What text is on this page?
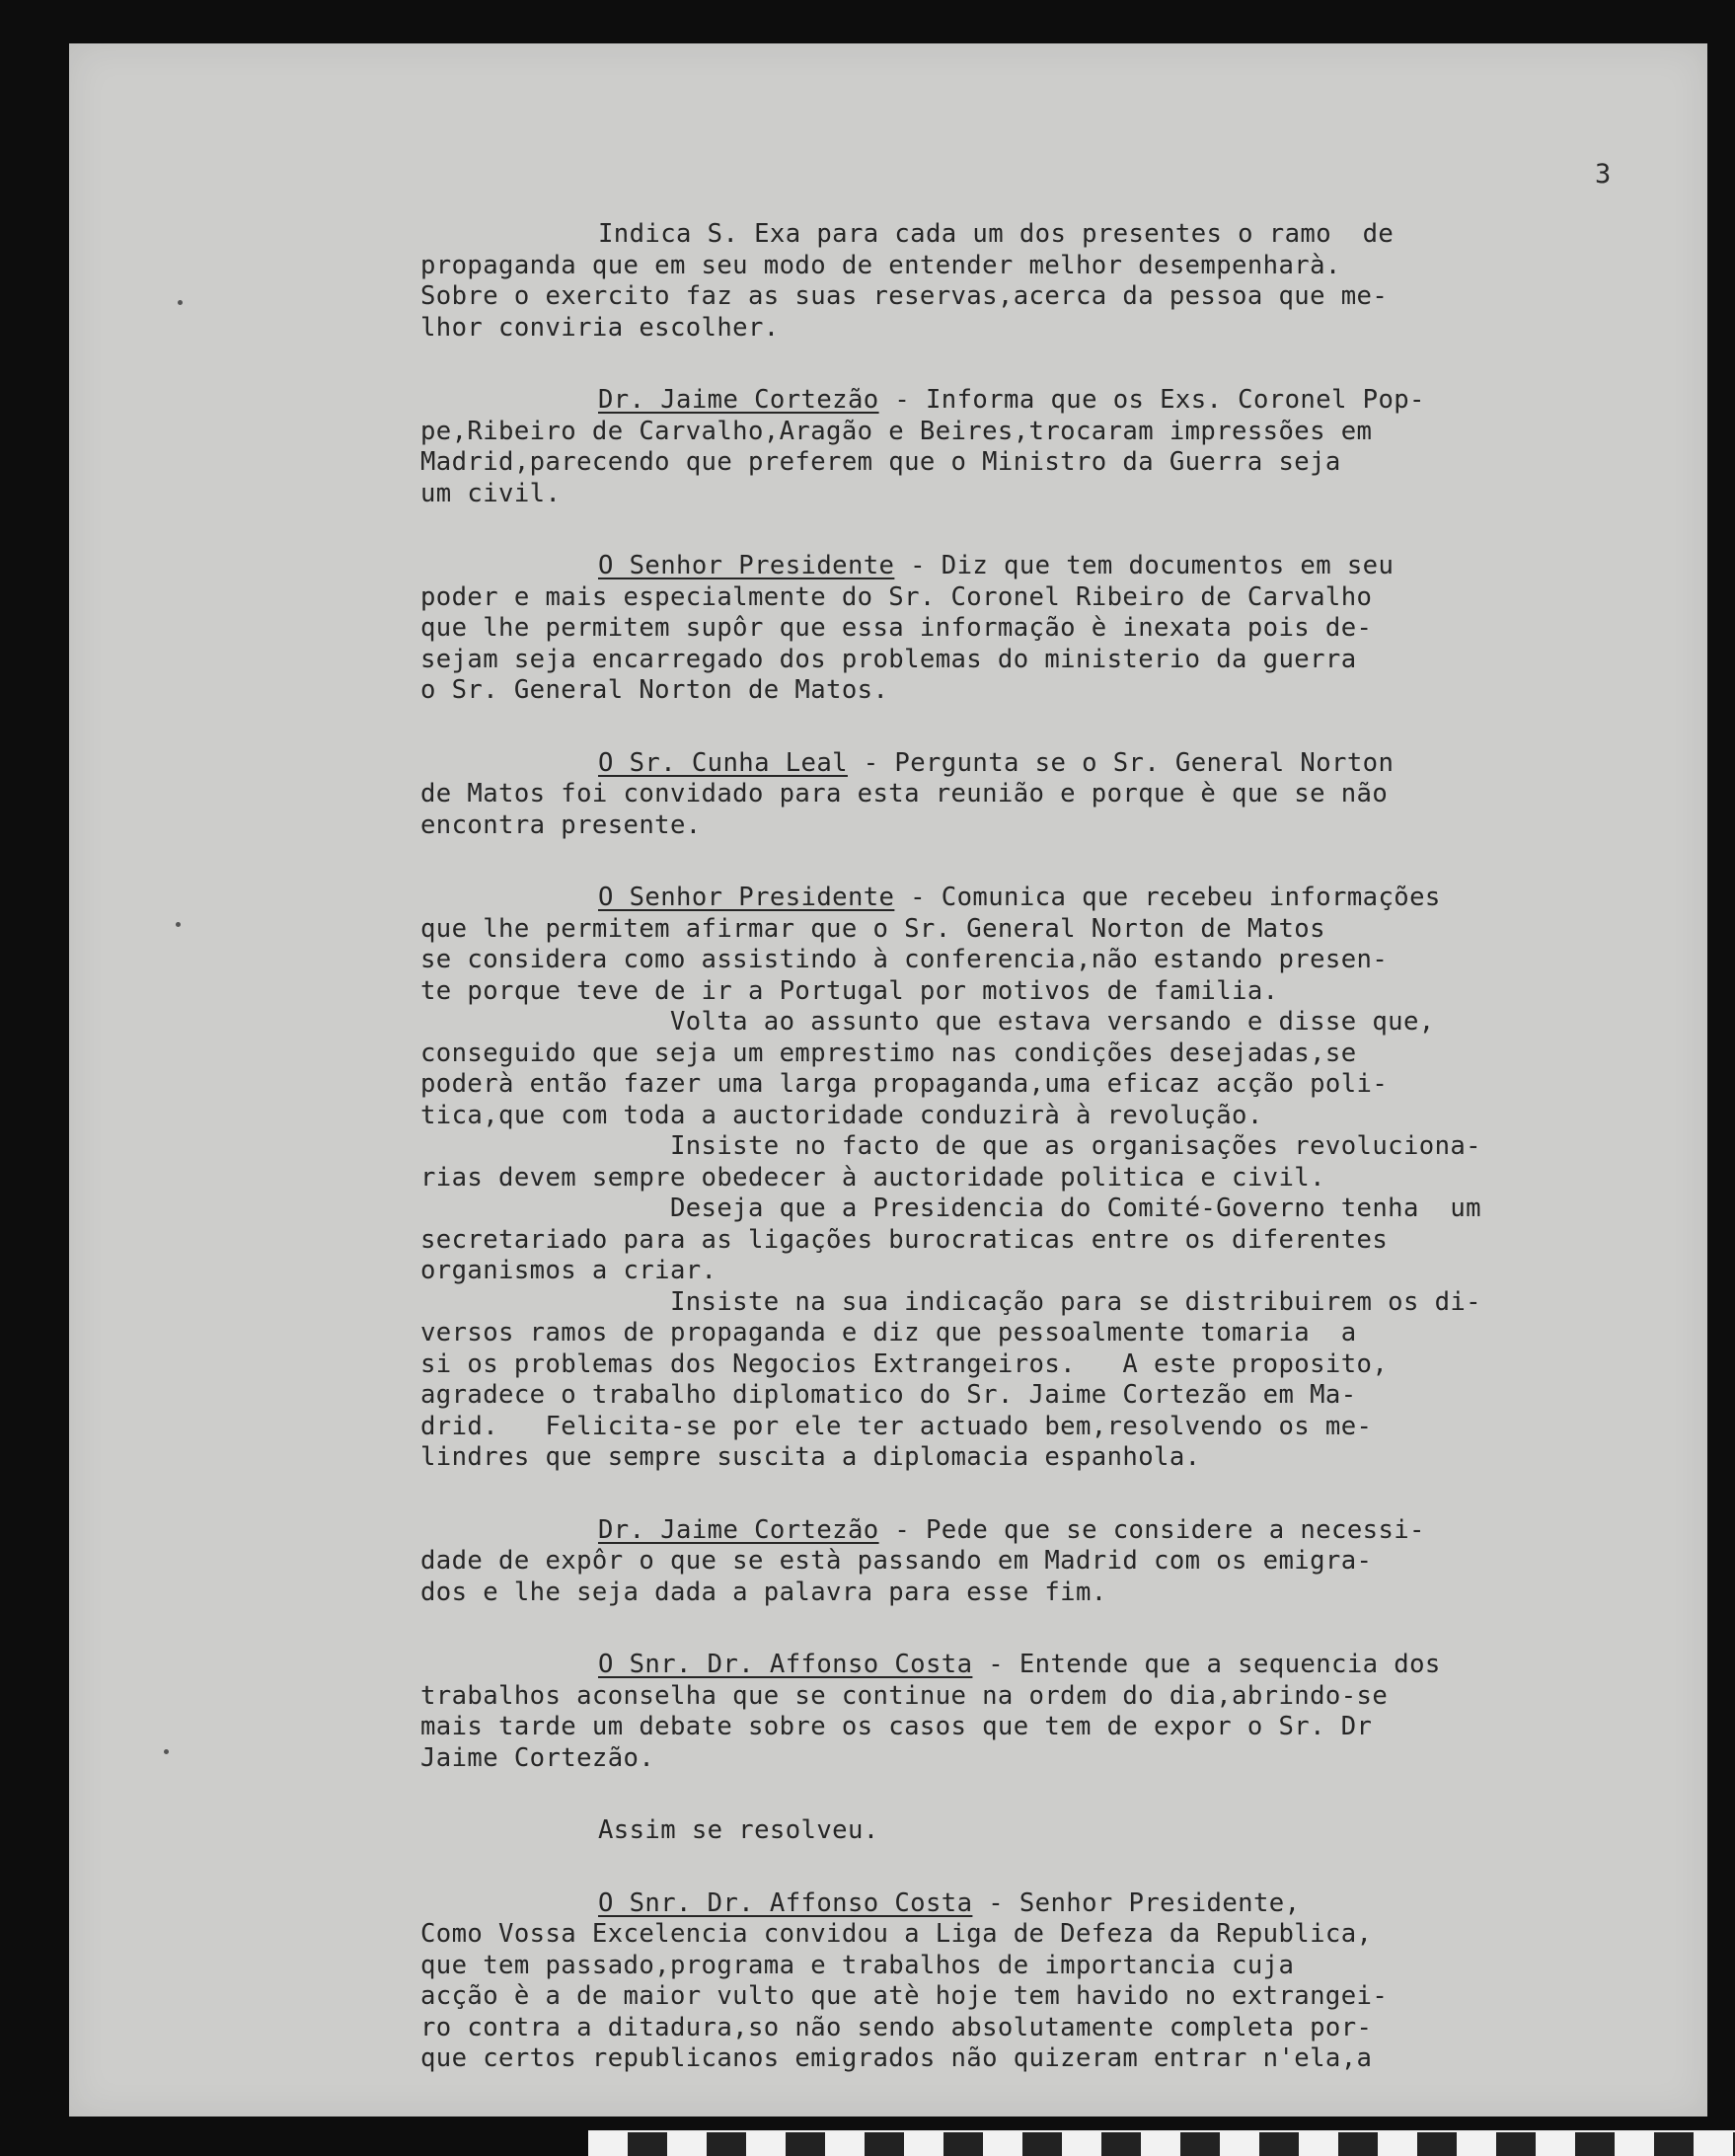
3
Indica S. Exa para cada um dos presentes o ramo  de
propaganda que em seu modo de entender melhor desempenharà.
Sobre o exercito faz as suas reservas,acerca da pessoa que me-
lhor conviria escolher.
Dr. Jaime Cortezão - Informa que os Exs. Coronel Pop-
pe,Ribeiro de Carvalho,Aragão e Beires,trocaram impressões em
Madrid,parecendo que preferem que o Ministro da Guerra seja
um civil.
O Senhor Presidente - Diz que tem documentos em seu
poder e mais especialmente do Sr. Coronel Ribeiro de Carvalho
que lhe permitem supôr que essa informação è inexata pois de-
sejam seja encarregado dos problemas do ministerio da guerra
o Sr. General Norton de Matos.
O Sr. Cunha Leal - Pergunta se o Sr. General Norton
de Matos foi convidado para esta reunião e porque è que se não
encontra presente.
O Senhor Presidente - Comunica que recebeu informações
que lhe permitem afirmar que o Sr. General Norton de Matos
se considera como assistindo à conferencia,não estando presen-
te porque teve de ir a Portugal por motivos de familia.
Volta ao assunto que estava versando e disse que,
conseguido que seja um emprestimo nas condições desejadas,se
poderà então fazer uma larga propaganda,uma eficaz acção poli-
tica,que com toda a auctoridade conduzirà à revolução.
Insiste no facto de que as organisações revoluciona-
rias devem sempre obedecer à auctoridade politica e civil.
Deseja que a Presidencia do Comité-Governo tenha  um
secretariado para as ligações burocraticas entre os diferentes
organismos a criar.
Insiste na sua indicação para se distribuirem os di-
versos ramos de propaganda e diz que pessoalmente tomaria  a
si os problemas dos Negocios Extrangeiros.   A este proposito,
agradece o trabalho diplomatico do Sr. Jaime Cortezão em Ma-
drid.   Felicita-se por ele ter actuado bem,resolvendo os me-
lindres que sempre suscita a diplomacia espanhola.
Dr. Jaime Cortezão - Pede que se considere a necessi-
dade de expôr o que se està passando em Madrid com os emigra-
dos e lhe seja dada a palavra para esse fim.
O Snr. Dr. Affonso Costa - Entende que a sequencia dos
trabalhos aconselha que se continue na ordem do dia,abrindo-se
mais tarde um debate sobre os casos que tem de expor o Sr. Dr
Jaime Cortezão.
Assim se resolveu.
O Snr. Dr. Affonso Costa - Senhor Presidente,
Como Vossa Excelencia convidou a Liga de Defeza da Republica,
que tem passado,programa e trabalhos de importancia cuja
acção è a de maior vulto que atè hoje tem havido no extrangei-
ro contra a ditadura,so não sendo absolutamente completa por-
que certos republicanos emigrados não quizeram entrar n'ela,a
